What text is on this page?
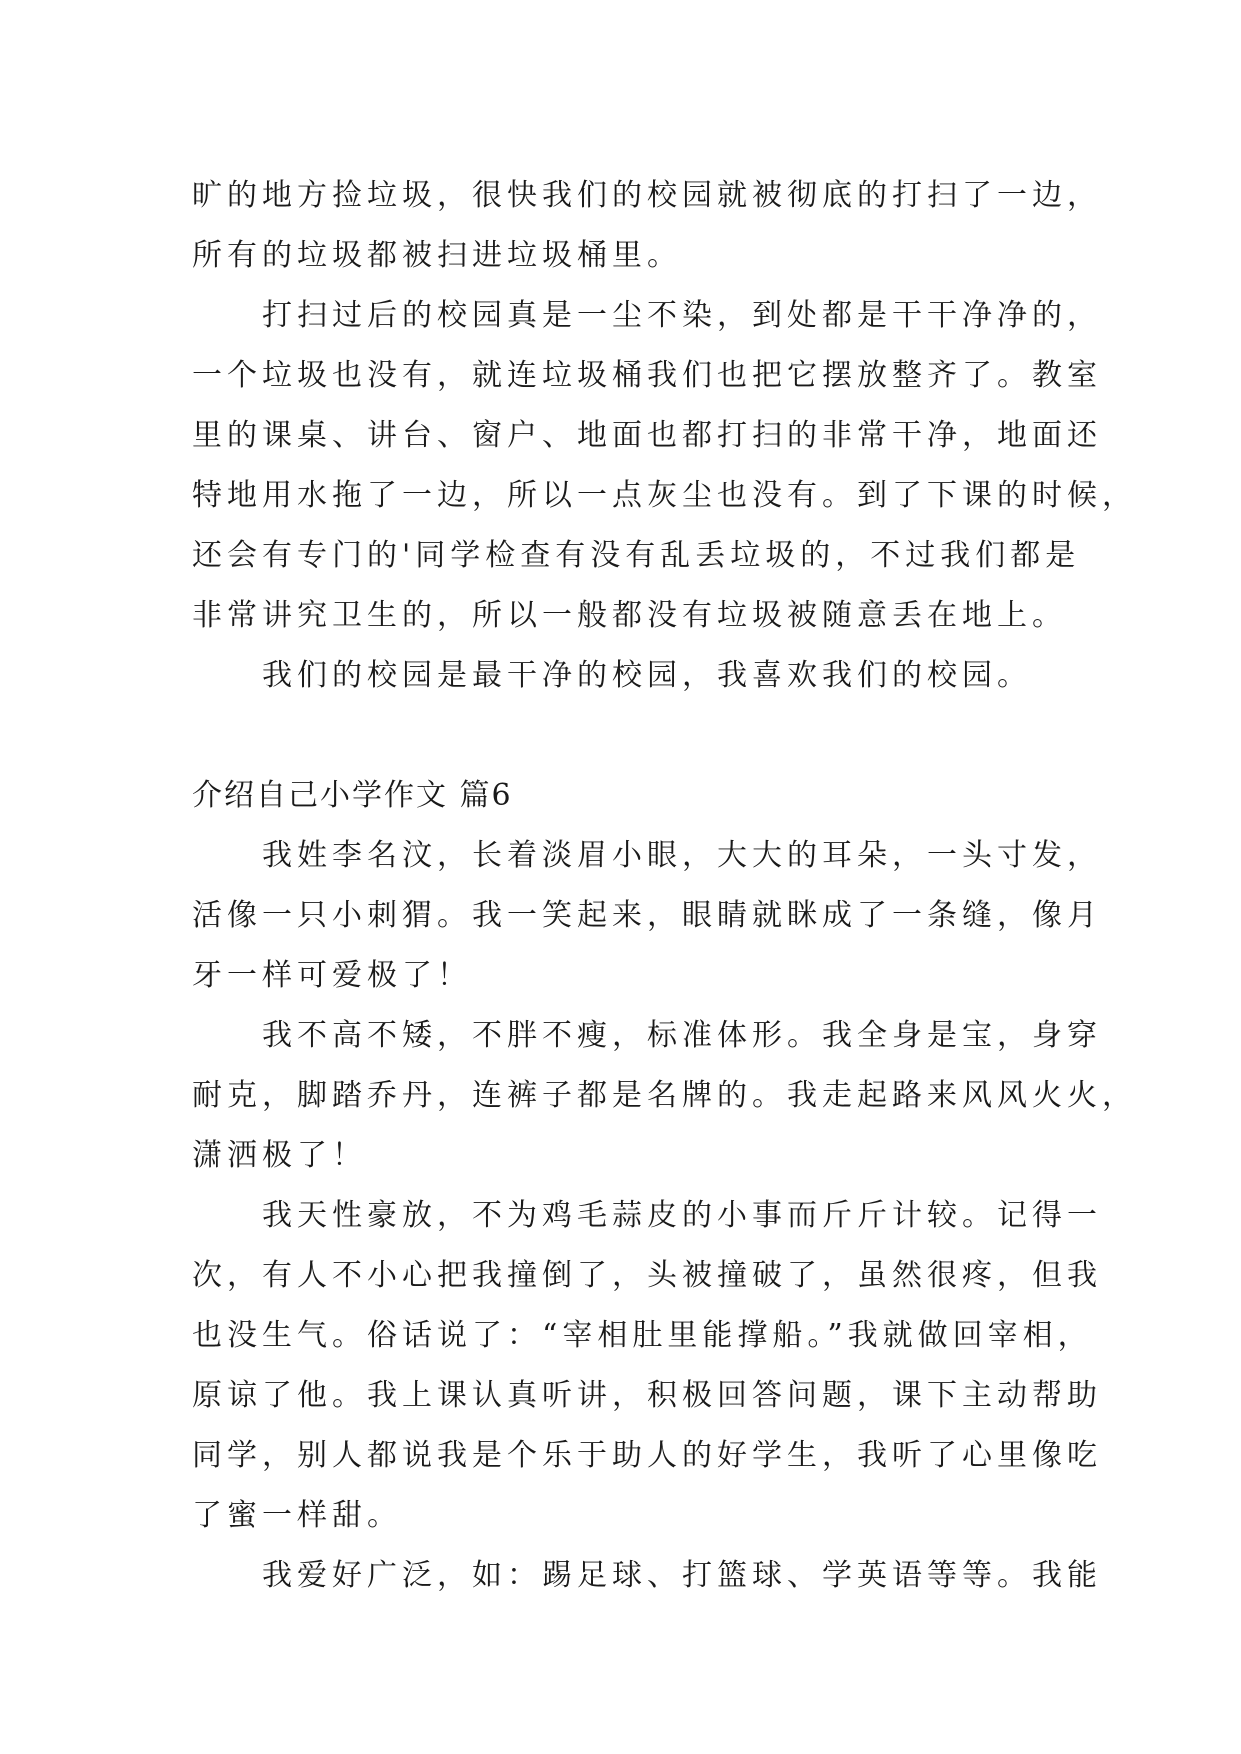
旷的地方捡垃圾，很快我们的校园就被彻底的打扫了一边，
所有的垃圾都被扫进垃圾桶里。
　　打扫过后的校园真是一尘不染，到处都是干干净净的，
一个垃圾也没有，就连垃圾桶我们也把它摆放整齐了。教室
里的课桌、讲台、窗户、地面也都打扫的非常干净，地面还
特地用水拖了一边，所以一点灰尘也没有。到了下课的时候，
还会有专门的'同学检查有没有乱丢垃圾的，不过我们都是
非常讲究卫生的，所以一般都没有垃圾被随意丢在地上。
　　我们的校园是最干净的校园，我喜欢我们的校园。
介绍自己小学作文 篇6
　　我姓李名汶，长着淡眉小眼，大大的耳朵，一头寸发，
活像一只小刺猬。我一笑起来，眼睛就眯成了一条缝，像月
牙一样可爱极了！
　　我不高不矮，不胖不瘦，标准体形。我全身是宝，身穿
耐克，脚踏乔丹，连裤子都是名牌的。我走起路来风风火火，
潇洒极了！
　　我天性豪放，不为鸡毛蒜皮的小事而斤斤计较。记得一
次，有人不小心把我撞倒了，头被撞破了，虽然很疼，但我
也没生气。俗话说了：“宰相肚里能撑船。”我就做回宰相，
原谅了他。我上课认真听讲，积极回答问题，课下主动帮助
同学，别人都说我是个乐于助人的好学生，我听了心里像吃
了蜜一样甜。
　　我爱好广泛，如：踢足球、打篮球、学英语等等。我能
